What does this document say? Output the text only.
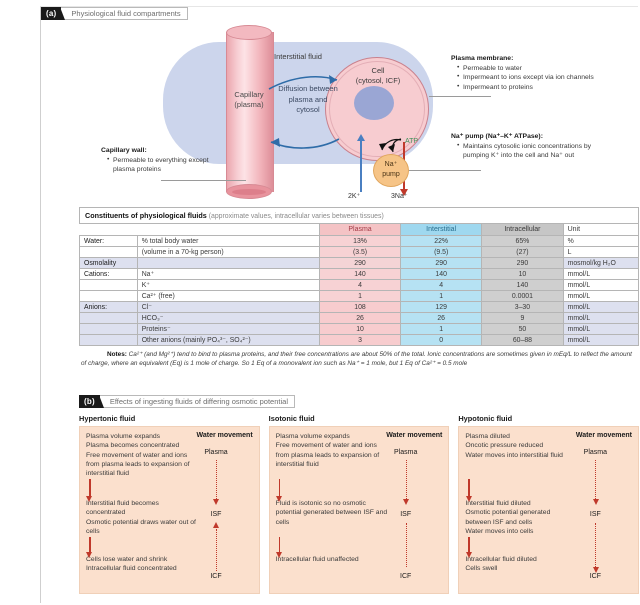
(a)	Physiological fluid compartments
Interstitial fluid
Capillary
(plasma)
Cell
(cytosol, ICF)
Diffusion between plasma and cytosol
ATP
Na⁺
pump
2K⁺	3Na⁺
Plasma membrane:
• Permeable to water
• Impermeant to ions except via ion channels
• Impermeant to proteins
Na⁺ pump (Na⁺–K⁺ ATPase):
• Maintains cytosolic ionic concentrations by pumping K⁺ into the cell and Na⁺ out
Capillary wall:
• Permeable to everything except plasma proteins
Constituents of physiological fluids (approximate values, intracellular varies between tissues)					
		Plasma	Interstitial	Intracellular	Unit
Water:	% total body water	13%	22%	65%	%
	(volume in a 70-kg person)	(3.5)	(9.5)	(27)	L
Osmolality		290	290	290	mosmol/kg H₂O
Cations:	Na⁺	140	140	10	mmol/L
	K⁺	4	4	140	mmol/L
	Ca²⁺ (free)	1	1	0.0001	mmol/L
Anions:	Cl⁻	108	129	3–30	mmol/L
	HCO₃⁻	26	26	9	mmol/L
	Proteins⁻	10	1	50	mmol/L
	Other anions (mainly PO₄³⁻, SO₄²⁻)	3	0	60–88	mmol/L
Notes: Ca²⁺ (and Mg²⁺) tend to bind to plasma proteins, and their free concentrations are about 50% of the total. Ionic concentrations are sometimes given in mEq/L to reflect the amount of charge, where an equivalent (Eq) is 1 mole of charge. So 1 Eq of a monovalent ion such as Na⁺ = 1 mole, but 1 Eq of Ca²⁺ = 0.5 mole
(b)	Effects of ingesting fluids of differing osmotic potential
Hypertonic fluid
Plasma volume expands
Plasma becomes concentrated
Free movement of water and ions from plasma leads to expansion of interstitial fluid
Interstitial fluid becomes concentrated
Osmotic potential draws water out of cells
Cells lose water and shrink
Intracellular fluid concentrated
Water movement
Plasma
ISF
ICF
Isotonic fluid
Plasma volume expands
Free movement of water and ions from plasma leads to expansion of interstitial fluid
Fluid is isotonic so no osmotic potential generated between ISF and cells
Intracellular fluid unaffected
Water movement
Plasma
ISF
ICF
Hypotonic fluid
Plasma diluted
Oncotic pressure reduced
Water moves into interstitial fluid
Interstitial fluid diluted
Osmotic potential generated between ISF and cells
Water moves into cells
Intracellular fluid diluted
Cells swell
Water movement
Plasma
ISF
ICF
